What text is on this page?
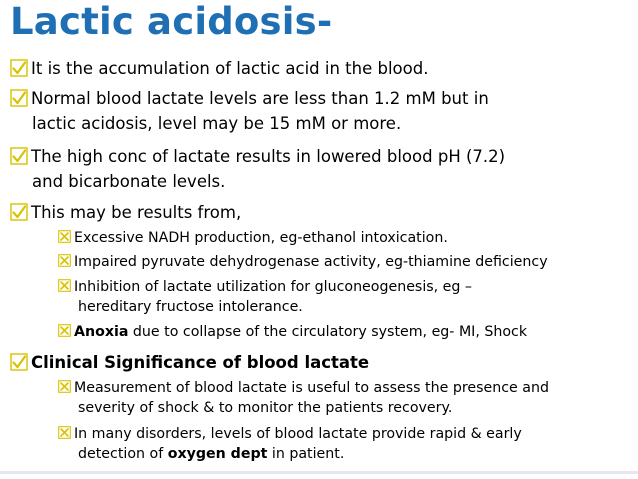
Lactic acidosis-
It is the accumulation of lactic acid in the blood.
Normal blood lactate levels are less than 1.2 mM but in
lactic acidosis, level may be 15 mM or more.
The high conc of lactate results in lowered blood pH (7.2)
and bicarbonate levels.
This may be results from,
Excessive NADH production, eg-ethanol intoxication.
Impaired pyruvate dehydrogenase activity, eg-thiamine deficiency
Inhibition of lactate utilization for gluconeogenesis, eg –
hereditary fructose intolerance.
Anoxia due to collapse of the circulatory system, eg- MI, Shock
Clinical Significance of blood lactate
Measurement of blood lactate is useful to assess the presence and
severity of shock & to monitor the patients recovery.
In many disorders, levels of blood lactate provide rapid & early
detection of oxygen dept in patient.
